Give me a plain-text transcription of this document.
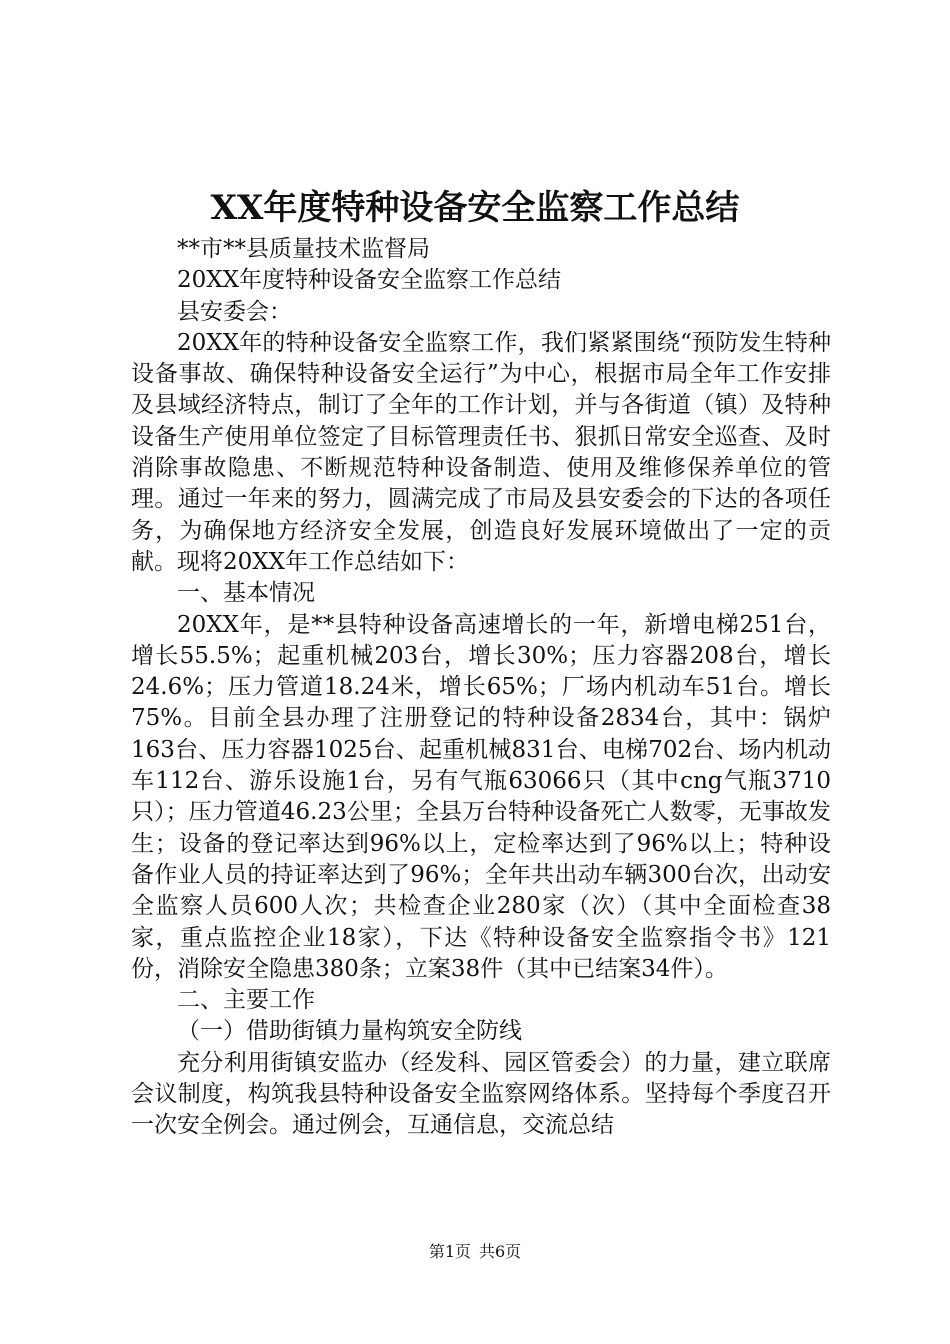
XX年度特种设备安全监察工作总结

**市**县质量技术监督局

20XX年度特种设备安全监察工作总结

县安委会：

20XX年的特种设备安全监察工作，我们紧紧围绕“预防发生特种设备事故、确保特种设备安全运行”为中心，根据市局全年工作安排及县域经济特点，制订了全年的工作计划，并与各街道（镇）及特种设备生产使用单位签定了目标管理责任书、狠抓日常安全巡查、及时消除事故隐患、不断规范特种设备制造、使用及维修保养单位的管理。通过一年来的努力，圆满完成了市局及县安委会的下达的各项任务，为确保地方经济安全发展，创造良好发展环境做出了一定的贡献。现将20XX年工作总结如下：

一、基本情况

20XX年，是**县特种设备高速增长的一年，新增电梯251台，增长55.5%；起重机械203台，增长30%；压力容器208台，增长24.6%；压力管道18.24米，增长65%；厂场内机动车51台。增长75%。目前全县办理了注册登记的特种设备2834台，其中：锅炉163台、压力容器1025台、起重机械831台、电梯702台、场内机动车112台、游乐设施1台，另有气瓶63066只（其中cng气瓶3710只）；压力管道46.23公里；全县万台特种设备死亡人数零，无事故发生；设备的登记率达到96%以上，定检率达到了96%以上；特种设备作业人员的持证率达到了96%；全年共出动车辆300台次，出动安全监察人员600人次；共检查企业280家（次）（其中全面检查38家，重点监控企业18家），下达《特种设备安全监察指令书》121份，消除安全隐患380条；立案38件（其中已结案34件）。

二、主要工作

（一）借助街镇力量构筑安全防线

充分利用街镇安监办（经发科、园区管委会）的力量，建立联席会议制度，构筑我县特种设备安全监察网络体系。坚持每个季度召开一次安全例会。通过例会，互通信息，交流总结

第1页 共6页
